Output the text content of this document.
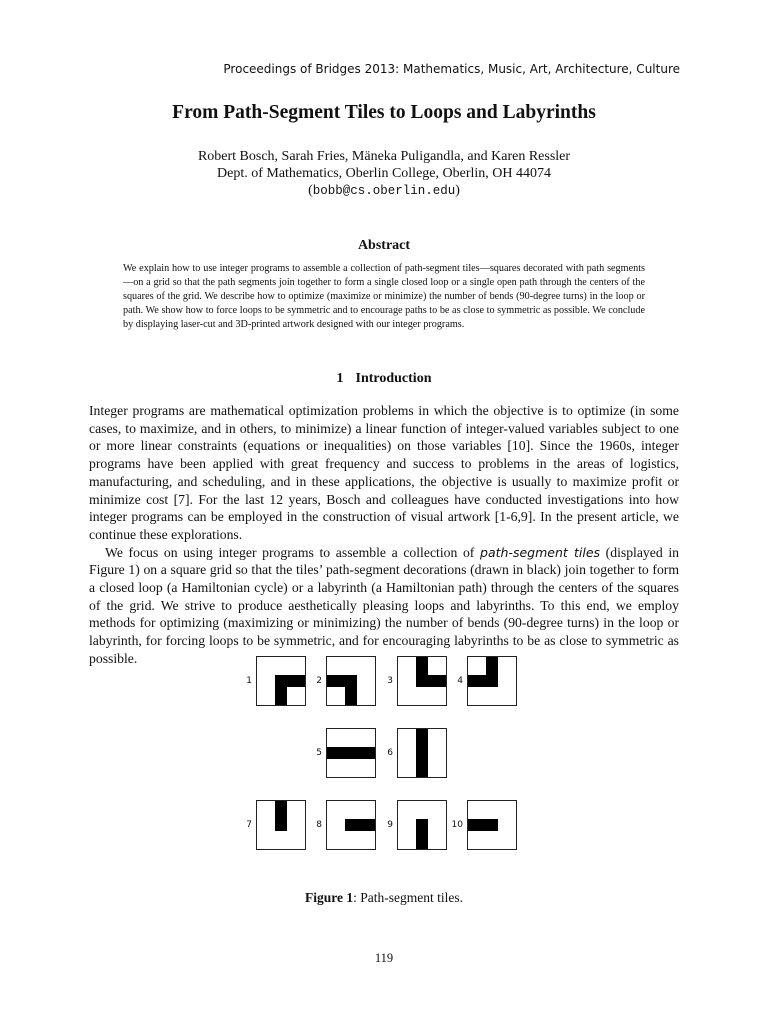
Proceedings of Bridges 2013: Mathematics, Music, Art, Architecture, Culture
From Path-Segment Tiles to Loops and Labyrinths
Robert Bosch, Sarah Fries, Mäneka Puligandla, and Karen Ressler
Dept. of Mathematics, Oberlin College, Oberlin, OH 44074
(bobb@cs.oberlin.edu)
Abstract
We explain how to use integer programs to assemble a collection of path-segment tiles—squares decorated with path segments—on a grid so that the path segments join together to form a single closed loop or a single open path through the centers of the squares of the grid. We describe how to optimize (maximize or minimize) the number of bends (90-degree turns) in the loop or path. We show how to force loops to be symmetric and to encourage paths to be as close to symmetric as possible. We conclude by displaying laser-cut and 3D-printed artwork designed with our integer programs.
1 Introduction

Integer programs are mathematical optimization problems in which the objective is to optimize (in some cases, to maximize, and in others, to minimize) a linear function of integer-valued variables subject to one or more linear constraints (equations or inequalities) on those variables [10]. Since the 1960s, integer programs have been applied with great frequency and success to problems in the areas of logistics, manufacturing, and scheduling, and in these applications, the objective is usually to maximize profit or minimize cost [7]. For the last 12 years, Bosch and colleagues have conducted investigations into how integer programs can be employed in the construction of visual artwork [1-6,9]. In the present article, we continue these explorations.

We focus on using integer programs to assemble a collection of path-segment tiles (displayed in Figure 1) on a square grid so that the tiles’ path-segment decorations (drawn in black) join together to form a closed loop (a Hamiltonian cycle) or a labyrinth (a Hamiltonian path) through the centers of the squares of the grid. We strive to produce aesthetically pleasing loops and labyrinths. To this end, we employ methods for optimizing (maximizing or minimizing) the number of bends (90-degree turns) in the loop or labyrinth, for forcing loops to be symmetric, and for encouraging labyrinths to be as close to symmetric as possible.

1	2	3	4
5	6
7	8	9	10
Figure 1: Path-segment tiles.
119
